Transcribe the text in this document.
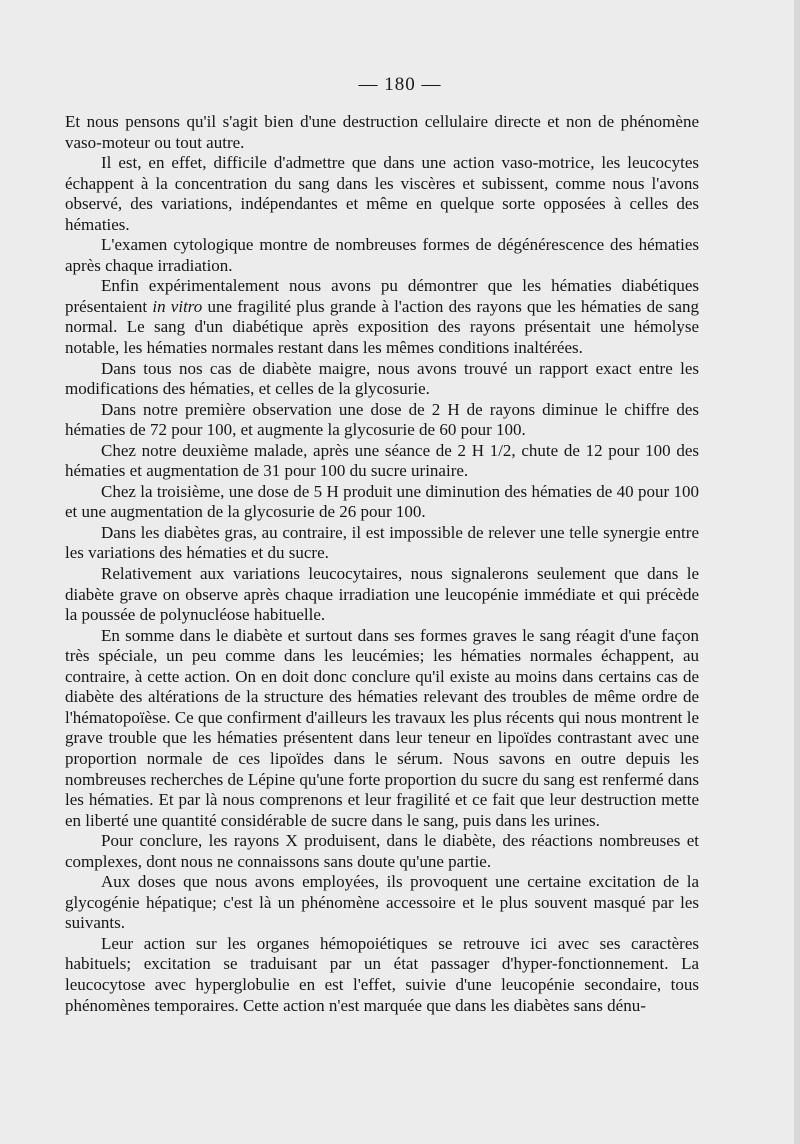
— 180 —

Et nous pensons qu'il s'agit bien d'une destruction cellulaire directe et non de phénomène vaso-moteur ou tout autre.

Il est, en effet, difficile d'admettre que dans une action vaso-motrice, les leucocytes échappent à la concentration du sang dans les viscères et subissent, comme nous l'avons observé, des variations, indépendantes et même en quelque sorte opposées à celles des hématies.

L'examen cytologique montre de nombreuses formes de dégénérescence des hématies après chaque irradiation.

Enfin expérimentalement nous avons pu démontrer que les hématies diabétiques présentaient in vitro une fragilité plus grande à l'action des rayons que les hématies de sang normal. Le sang d'un diabétique après exposition des rayons présentait une hémolyse notable, les hématies normales restant dans les mêmes conditions inaltérées.

Dans tous nos cas de diabète maigre, nous avons trouvé un rapport exact entre les modifications des hématies, et celles de la glycosurie.

Dans notre première observation une dose de 2 H de rayons diminue le chiffre des hématies de 72 pour 100, et augmente la glycosurie de 60 pour 100.

Chez notre deuxième malade, après une séance de 2 H 1/2, chute de 12 pour 100 des hématies et augmentation de 31 pour 100 du sucre urinaire.

Chez la troisième, une dose de 5 H produit une diminution des hématies de 40 pour 100 et une augmentation de la glycosurie de 26 pour 100.

Dans les diabètes gras, au contraire, il est impossible de relever une telle synergie entre les variations des hématies et du sucre.

Relativement aux variations leucocytaires, nous signalerons seulement que dans le diabète grave on observe après chaque irradiation une leucopénie immédiate et qui précède la poussée de polynucléose habituelle.

En somme dans le diabète et surtout dans ses formes graves le sang réagit d'une façon très spéciale, un peu comme dans les leucémies; les hématies normales échappent, au contraire, à cette action. On en doit donc conclure qu'il existe au moins dans certains cas de diabète des altérations de la structure des hématies relevant des troubles de même ordre de l'hématopoïèse. Ce que confirment d'ailleurs les travaux les plus récents qui nous montrent le grave trouble que les hématies présentent dans leur teneur en lipoïdes contrastant avec une proportion normale de ces lipoïdes dans le sérum. Nous savons en outre depuis les nombreuses recherches de Lépine qu'une forte proportion du sucre du sang est renfermé dans les hématies. Et par là nous comprenons et leur fragilité et ce fait que leur destruction mette en liberté une quantité considérable de sucre dans le sang, puis dans les urines.

Pour conclure, les rayons X produisent, dans le diabète, des réactions nombreuses et complexes, dont nous ne connaissons sans doute qu'une partie.

Aux doses que nous avons employées, ils provoquent une certaine excitation de la glycogénie hépatique; c'est là un phénomène accessoire et le plus souvent masqué par les suivants.

Leur action sur les organes hémopoiétiques se retrouve ici avec ses caractères habituels; excitation se traduisant par un état passager d'hyper-fonctionnement. La leucocytose avec hyperglobulie en est l'effet, suivie d'une leucopénie secondaire, tous phénomènes temporaires. Cette action n'est marquée que dans les diabètes sans dénu-
